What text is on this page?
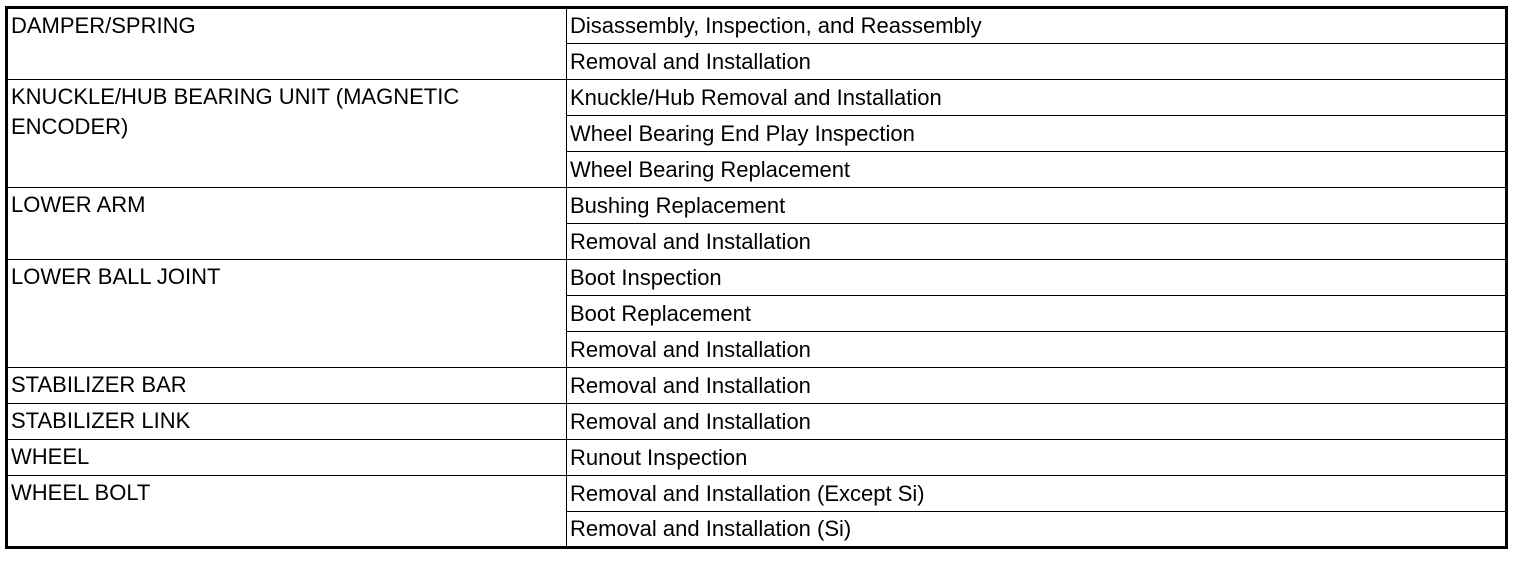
DAMPER/SPRING	Disassembly, Inspection, and Reassembly
	Removal and Installation
KNUCKLE/HUB BEARING UNIT (MAGNETIC ENCODER)	Knuckle/Hub Removal and Installation
	Wheel Bearing End Play Inspection
	Wheel Bearing Replacement
LOWER ARM	Bushing Replacement
	Removal and Installation
LOWER BALL JOINT	Boot Inspection
	Boot Replacement
	Removal and Installation
STABILIZER BAR	Removal and Installation
STABILIZER LINK	Removal and Installation
WHEEL	Runout Inspection
WHEEL BOLT	Removal and Installation (Except Si)
	Removal and Installation (Si)
